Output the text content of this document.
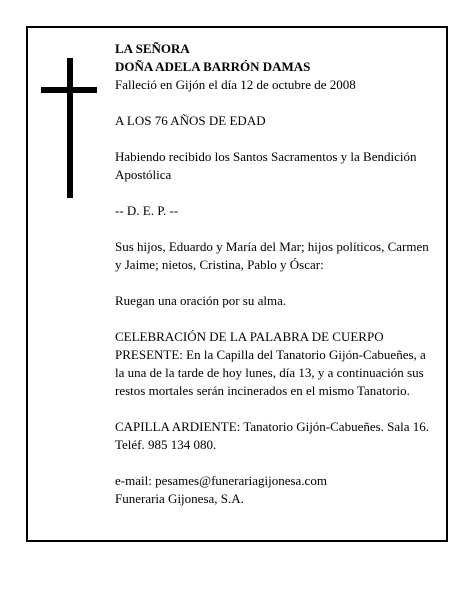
LA SEÑORA
DOÑA ADELA BARRÓN DAMAS

Falleció en Gijón el día 12 de octubre de 2008

A LOS 76 AÑOS DE EDAD

Habiendo recibido los Santos Sacramentos y la Bendición Apostólica

-- D. E. P. --

Sus hijos, Eduardo y María del Mar; hijos políticos, Carmen y Jaime; nietos, Cristina, Pablo y Óscar:

Ruegan una oración por su alma.

CELEBRACIÓN DE LA PALABRA DE CUERPO PRESENTE: En la Capilla del Tanatorio Gijón-Cabueñes, a la una de la tarde de hoy lunes, día 13, y a continuación sus restos mortales serán incinerados en el mismo Tanatorio.

CAPILLA ARDIENTE: Tanatorio Gijón-Cabueñes. Sala 16. Teléf. 985 134 080.

e-mail: pesames@funerariagijonesa.com
Funeraria Gijonesa, S.A.
